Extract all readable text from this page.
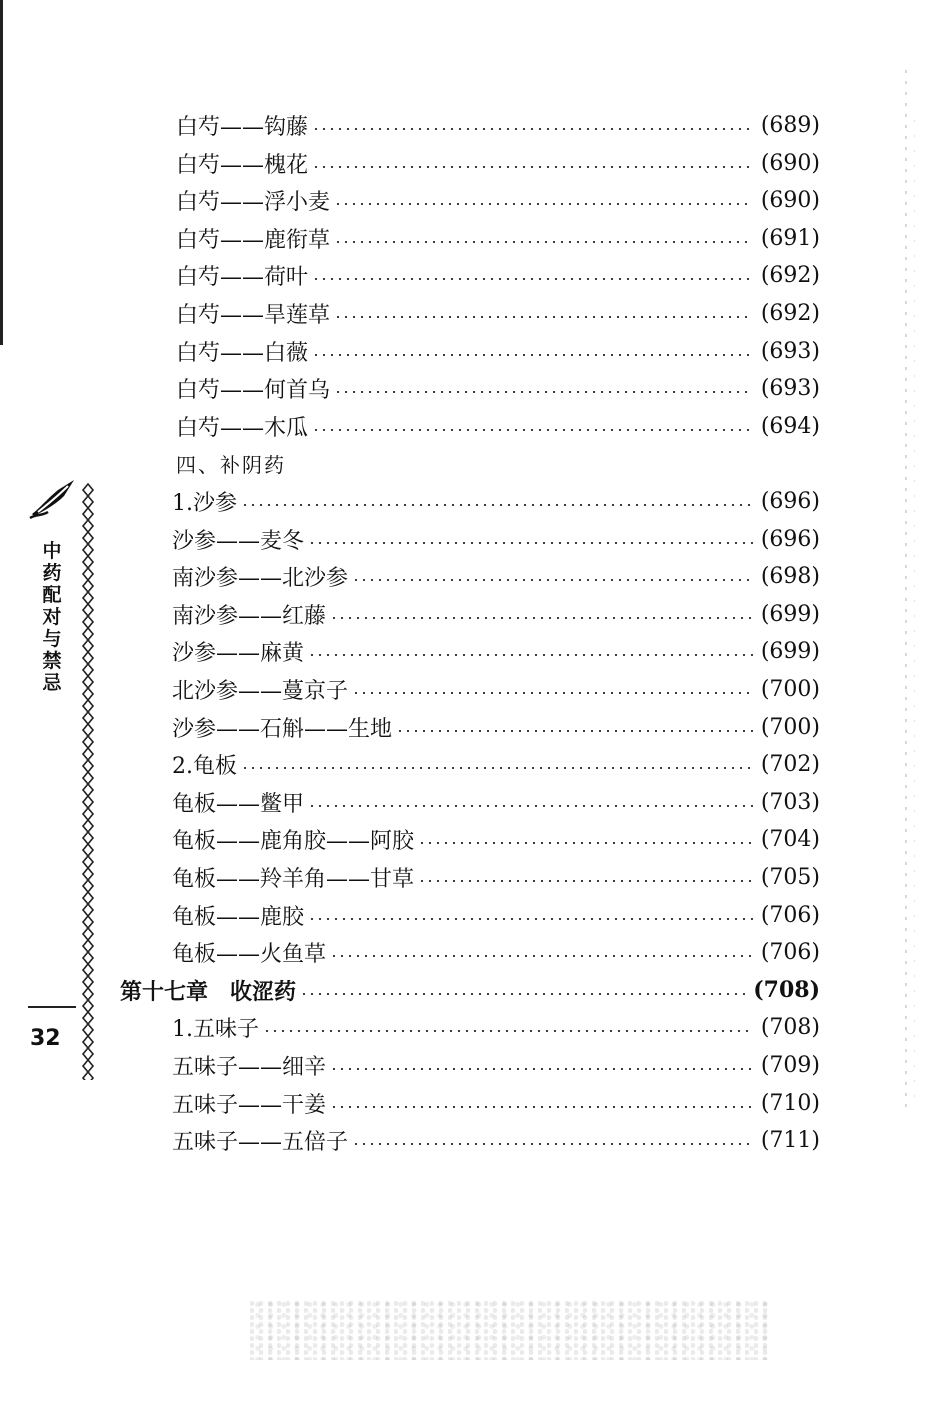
中药配对与禁忌
32
白芍——钩藤	(689)
白芍——槐花	(690)
白芍——浮小麦	(690)
白芍——鹿衔草	(691)
白芍——荷叶	(692)
白芍——旱莲草	(692)
白芍——白薇	(693)
白芍——何首乌	(693)
白芍——木瓜	(694)
四、补阴药
1.沙参	(696)
沙参——麦冬	(696)
南沙参——北沙参	(698)
南沙参——红藤	(699)
沙参——麻黄	(699)
北沙参——蔓京子	(700)
沙参——石斛——生地	(700)
2.龟板	(702)
龟板——鳖甲	(703)
龟板——鹿角胶——阿胶	(704)
龟板——羚羊角——甘草	(705)
龟板——鹿胶	(706)
龟板——火鱼草	(706)
第十七章　收涩药	(708)
1.五味子	(708)
五味子——细辛	(709)
五味子——干姜	(710)
五味子——五倍子	(711)
